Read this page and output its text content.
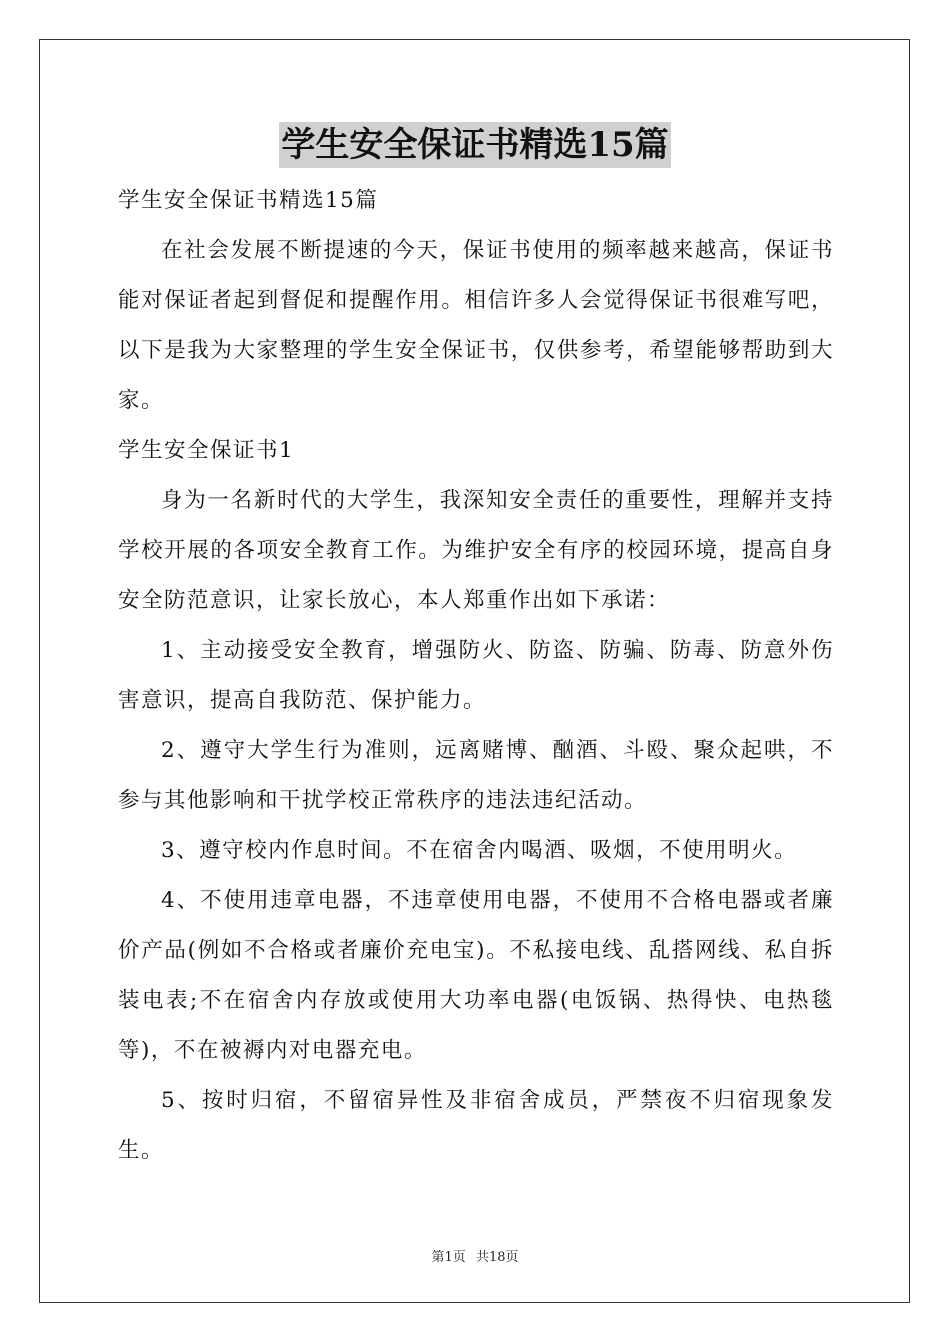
学生安全保证书精选15篇

学生安全保证书精选15篇

在社会发展不断提速的今天，保证书使用的频率越来越高，保证书能对保证者起到督促和提醒作用。相信许多人会觉得保证书很难写吧，以下是我为大家整理的学生安全保证书，仅供参考，希望能够帮助到大家。

学生安全保证书1

身为一名新时代的大学生，我深知安全责任的重要性，理解并支持学校开展的各项安全教育工作。为维护安全有序的校园环境，提高自身安全防范意识，让家长放心，本人郑重作出如下承诺：

1、主动接受安全教育，增强防火、防盗、防骗、防毒、防意外伤害意识，提高自我防范、保护能力。

2、遵守大学生行为准则，远离赌博、酗酒、斗殴、聚众起哄，不参与其他影响和干扰学校正常秩序的违法违纪活动。

3、遵守校内作息时间。不在宿舍内喝酒、吸烟，不使用明火。

4、不使用违章电器，不违章使用电器，不使用不合格电器或者廉价产品(例如不合格或者廉价充电宝)。不私接电线、乱搭网线、私自拆装电表;不在宿舍内存放或使用大功率电器(电饭锅、热得快、电热毯等)，不在被褥内对电器充电。

5、按时归宿，不留宿异性及非宿舍成员，严禁夜不归宿现象发生。

第1页 共18页
